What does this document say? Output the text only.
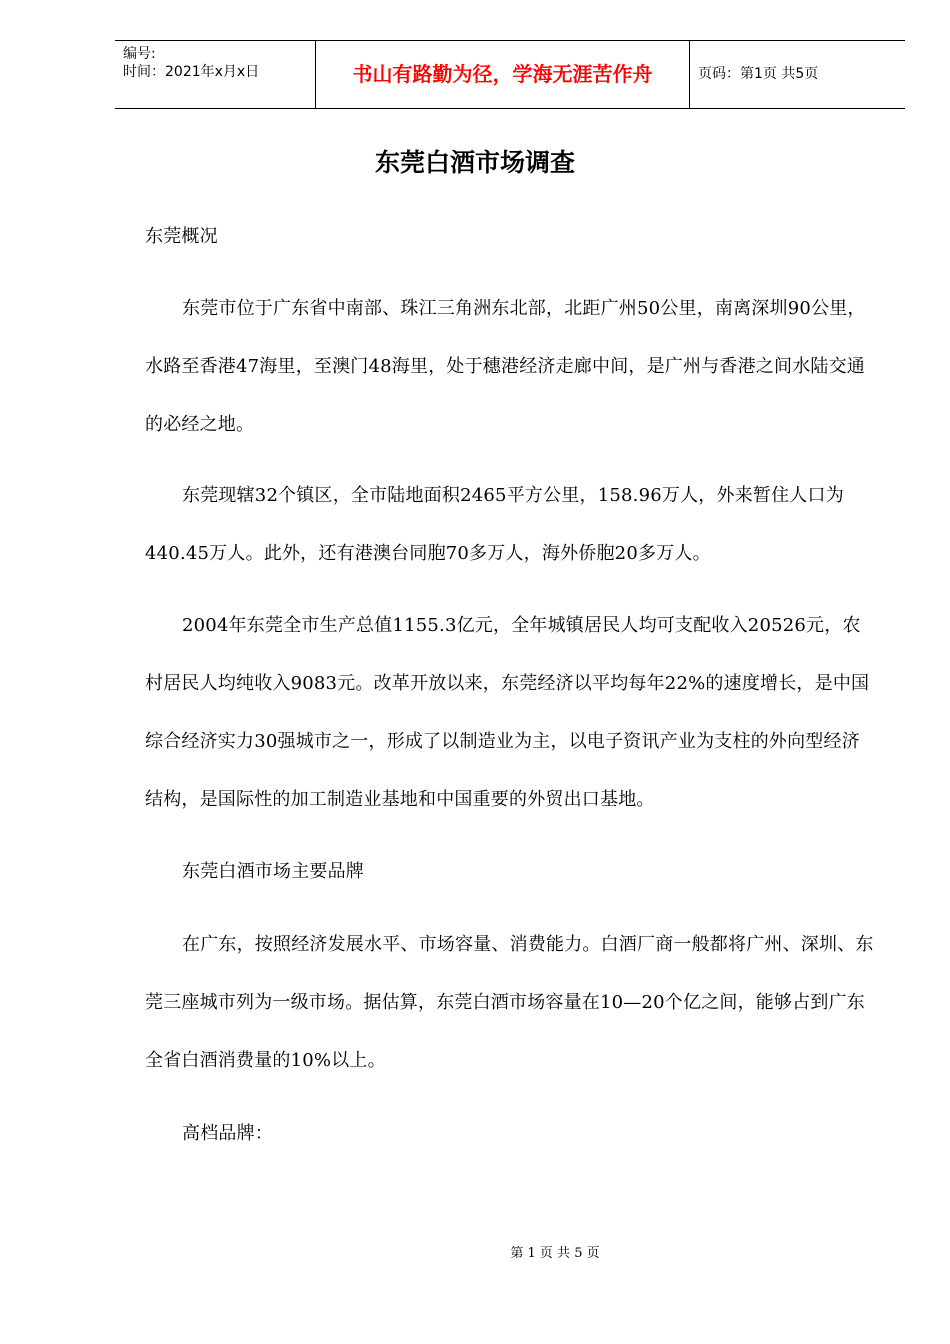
编号:
时间：2021年x月x日	书山有路勤为径，学海无涯苦作舟	页码：第1页 共5页
东莞白酒市场调查

东莞概况

东莞市位于广东省中南部、珠江三角洲东北部，北距广州50公里，南离深圳90公里，水路至香港47海里，至澳门48海里，处于穗港经济走廊中间，是广州与香港之间水陆交通的必经之地。

东莞现辖32个镇区，全市陆地面积2465平方公里，158.96万人，外来暂住人口为440.45万人。此外，还有港澳台同胞70多万人，海外侨胞20多万人。

2004年东莞全市生产总值1155.3亿元，全年城镇居民人均可支配收入20526元，农村居民人均纯收入9083元。改革开放以来，东莞经济以平均每年22%的速度增长，是中国综合经济实力30强城市之一，形成了以制造业为主，以电子资讯产业为支柱的外向型经济结构，是国际性的加工制造业基地和中国重要的外贸出口基地。

东莞白酒市场主要品牌

在广东，按照经济发展水平、市场容量、消费能力。白酒厂商一般都将广州、深圳、东莞三座城市列为一级市场。据估算，东莞白酒市场容量在10—20个亿之间，能够占到广东全省白酒消费量的10%以上。

高档品牌：

第 1 页 共 5 页
